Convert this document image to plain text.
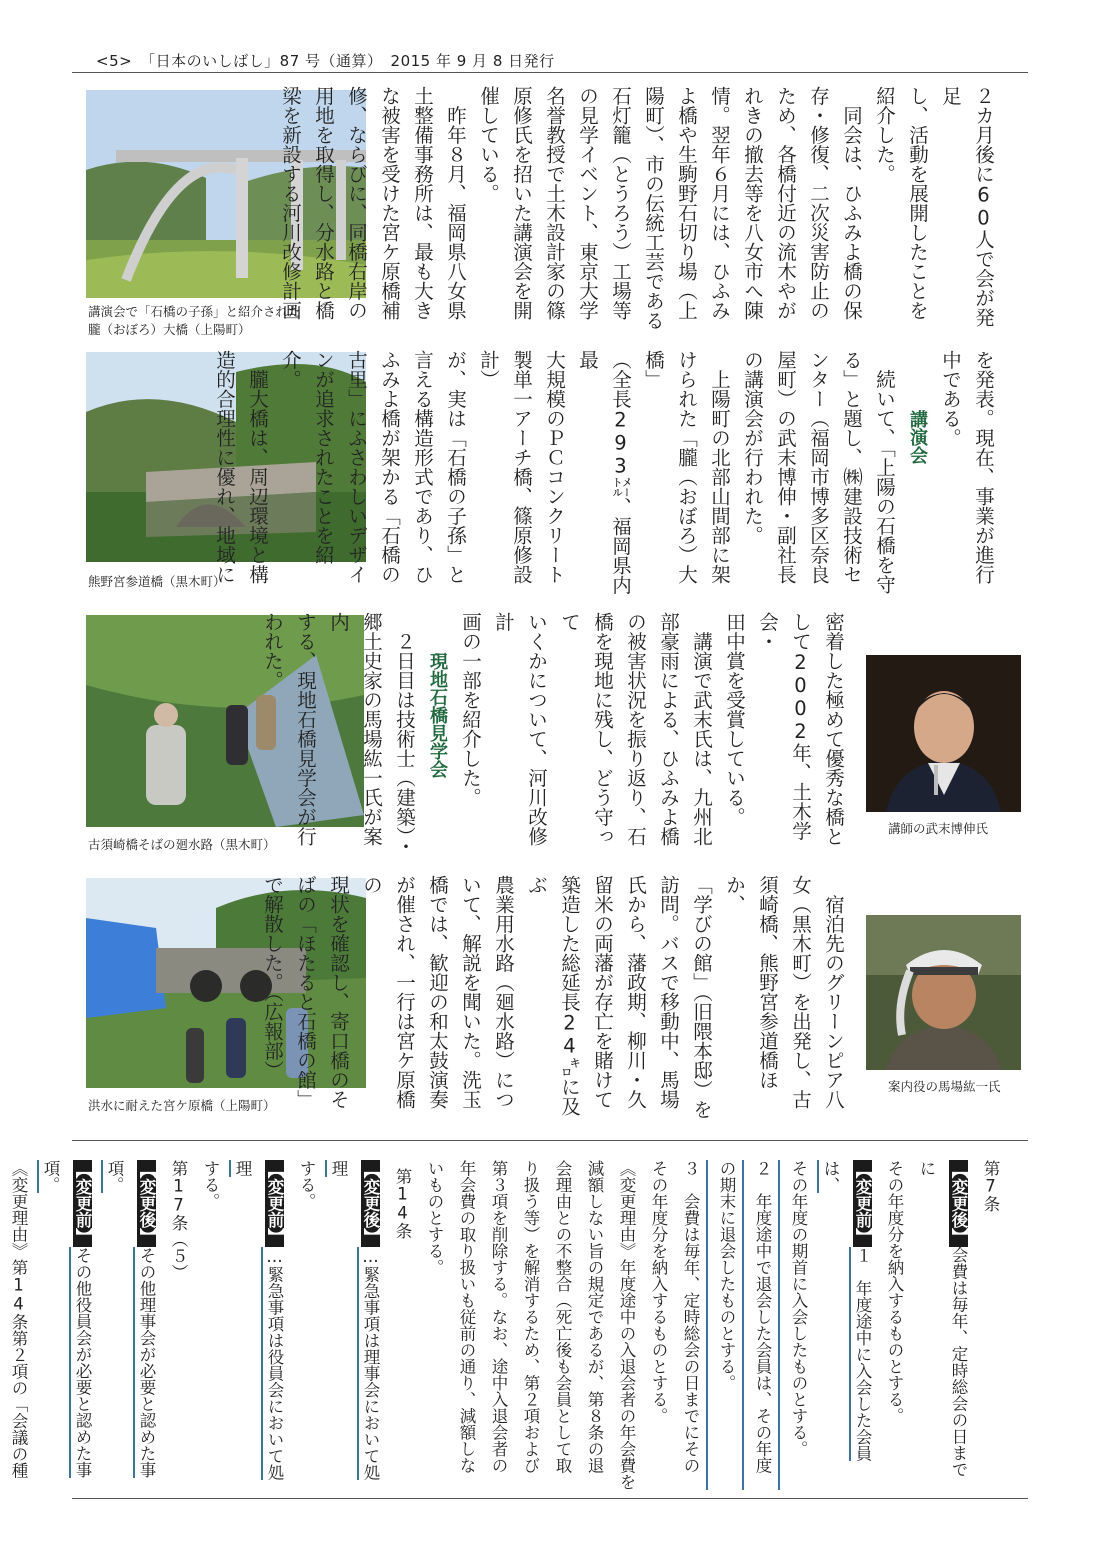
<5>　「日本のいしばし」87 号（通算）　2015 年 9 月 8 日発行
講演会で「石橋の子孫」と紹介された
朧（おぼろ）大橋（上陽町）
熊野宮参道橋（黒木町）
古須崎橋そばの廻水路（黒木町）
洪水に耐えた宮ケ原橋（上陽町）
講師の武末博伸氏
案内役の馬場紘一氏
２カ月後に60人で会が発足
し、活動を展開したことを
紹介した。
　同会は、ひふみよ橋の保
存・修復、二次災害防止の
ため、各橋付近の流木やが
れきの撤去等を八女市へ陳
情。翌年６月には、ひふみ
よ橋や生駒野石切り場（上
陽町）、市の伝統工芸である
石灯籠（とうろう）工場等
の見学イベント、東京大学
名誉教授で土木設計家の篠
原修氏を招いた講演会を開
催している。
　昨年８月、福岡県八女県
土整備事務所は、最も大き
な被害を受けた宮ケ原橋補
修、ならびに、同橋右岸の
用地を取得し、分水路と橋
梁を新設する河川改修計画
を発表。現在、事業が進行
中である。
講演会
　続いて、「上陽の石橋を守
る」と題し、㈱建設技術セ
ンター（福岡市博多区奈良
屋町）の武末博伸・副社長
の講演会が行われた。
　上陽町の北部山間部に架
けられた「朧（おぼろ）大橋」
（全長293㍍、福岡県内最
大規模のＰＣコンクリート
製単一アーチ橋、篠原修設計）
が、実は「石橋の子孫」と
言える構造形式であり、ひ
ふみよ橋が架かる「石橋の
古里」にふさわしいデザイ
ンが追求されたことを紹介。
　朧大橋は、周辺環境と構
造的合理性に優れ、地域に
密着した極めて優秀な橋と
して2002年、土木学会・
田中賞を受賞している。
　講演で武末氏は、九州北
部豪雨による、ひふみよ橋
の被害状況を振り返り、石
橋を現地に残し、どう守って
いくかについて、河川改修計
画の一部を紹介した。
現地石橋見学会
　２日目は技術士（建築）・
郷土史家の馬場紘一氏が案内
する、現地石橋見学会が行
われた。
　宿泊先のグリーンピア八
女（黒木町）を出発し、古
須崎橋、熊野宮参道橋ほか、
「学びの館」（旧隈本邸）を
訪問。バスで移動中、馬場
氏から、藩政期、柳川・久
留米の両藩が存亡を賭けて
築造した総延長24㌔に及ぶ
農業用水路（廻水路）につ
いて、解説を聞いた。洗玉
橋では、歓迎の和太鼓演奏
が催され、一行は宮ケ原橋の
現状を確認し、寄口橋のそ
ばの「ほたると石橋の館」
で解散した。（広報部）
第7条
【変更後】会費は毎年、定時総会の日までに
その年度分を納入するものとする。
【変更前】１　年度途中に入会した会員は、
その年度の期首に入会したものとする。
２　年度途中で退会した会員は、その年度
の期末に退会したものとする。
３　会費は毎年、定時総会の日までにその
その年度分を納入するものとする。
《変更理由》年度途中の入退会者の年会費を
減額しない旨の規定であるが、第８条の退
会理由との不整合（死亡後も会員として取
り扱う等）を解消するため、第２項および
第３項を削除する。なお、途中入退会者の
年会費の取り扱いも従前の通り、減額しな
いものとする。
第14条
【変更後】…緊急事項は理事会において処理
する。
【変更前】…緊急事項は役員会において処理
する。
第17条（５）
【変更後】その他理事会が必要と認めた事項。
【変更前】その他役員会が必要と認めた事項。
《変更理由》第14条第２項の「会議の種
